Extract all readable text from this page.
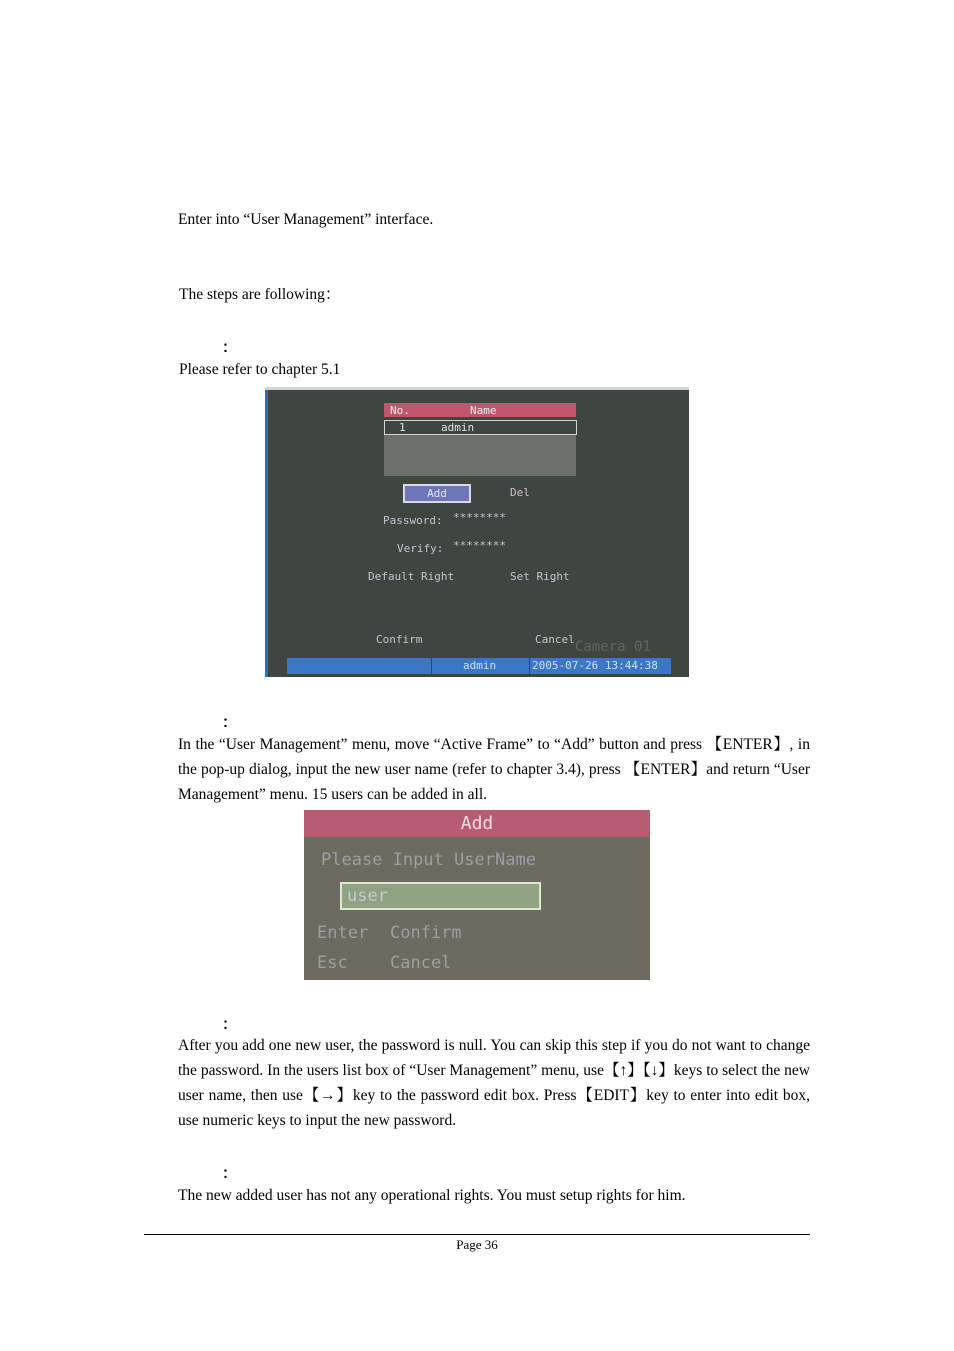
Enter into “User Management” interface.
The steps are following：
：
Please refer to chapter 5.1
No.	Name
1	admin
Add	Del
Password: ********
Verify: ********
Default Right	Set Right
Confirm	Cancel Camera 01
admin	2005-07-26 13:44:38
：
In the “User Management” menu, move “Active Frame” to “Add” button and press 【ENTER】, in the pop-up dialog, input the new user name (refer to chapter 3.4), press 【ENTER】and return “User Management” menu. 15 users can be added in all.
Add
Please Input UserName
user
Enter Confirm
Esc Cancel
：
After you add one new user, the password is null. You can skip this step if you do not want to change the password. In the users list box of “User Management” menu, use【↑】【↓】keys to select the new user name, then use【→】key to the password edit box. Press【EDIT】key to enter into edit box, use numeric keys to input the new password.
：
The new added user has not any operational rights. You must setup rights for him.
Page 36
